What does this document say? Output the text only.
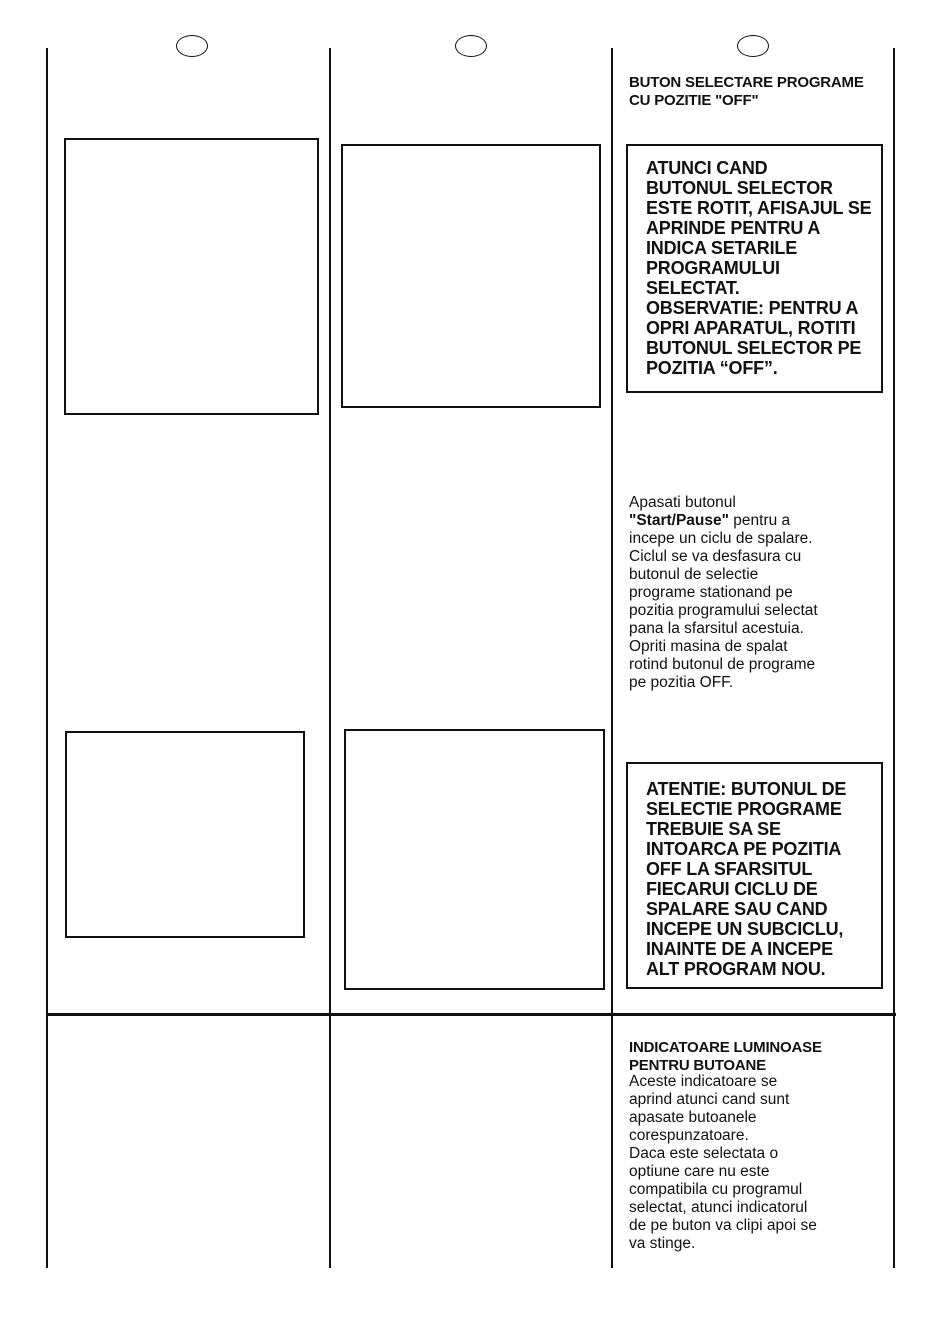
BUTON SELECTARE PROGRAME
CU POZITIE "OFF"
ATUNCI CAND
BUTONUL SELECTOR
ESTE ROTIT, AFISAJUL SE
APRINDE PENTRU A
INDICA SETARILE
PROGRAMULUI
SELECTAT.
OBSERVATIE: PENTRU A
OPRI APARATUL, ROTITI
BUTONUL SELECTOR PE
POZITIA “OFF”.
Apasati butonul
"Start/Pause" pentru a
incepe un ciclu de spalare.
Ciclul se va desfasura cu
butonul de selectie
programe stationand pe
pozitia programului selectat
pana la sfarsitul acestuia.
Opriti masina de spalat
rotind butonul de programe
pe pozitia OFF.
ATENTIE: BUTONUL DE
SELECTIE PROGRAME
TREBUIE SA SE
INTOARCA PE POZITIA
OFF LA SFARSITUL
FIECARUI CICLU DE
SPALARE SAU CAND
INCEPE UN SUBCICLU,
INAINTE DE A INCEPE
ALT PROGRAM NOU.
INDICATOARE LUMINOASE
PENTRU BUTOANE
Aceste indicatoare se
aprind atunci cand sunt
apasate butoanele
corespunzatoare.
Daca este selectata o
optiune care nu este
compatibila cu programul
selectat, atunci indicatorul
de pe buton va clipi apoi se
va stinge.
